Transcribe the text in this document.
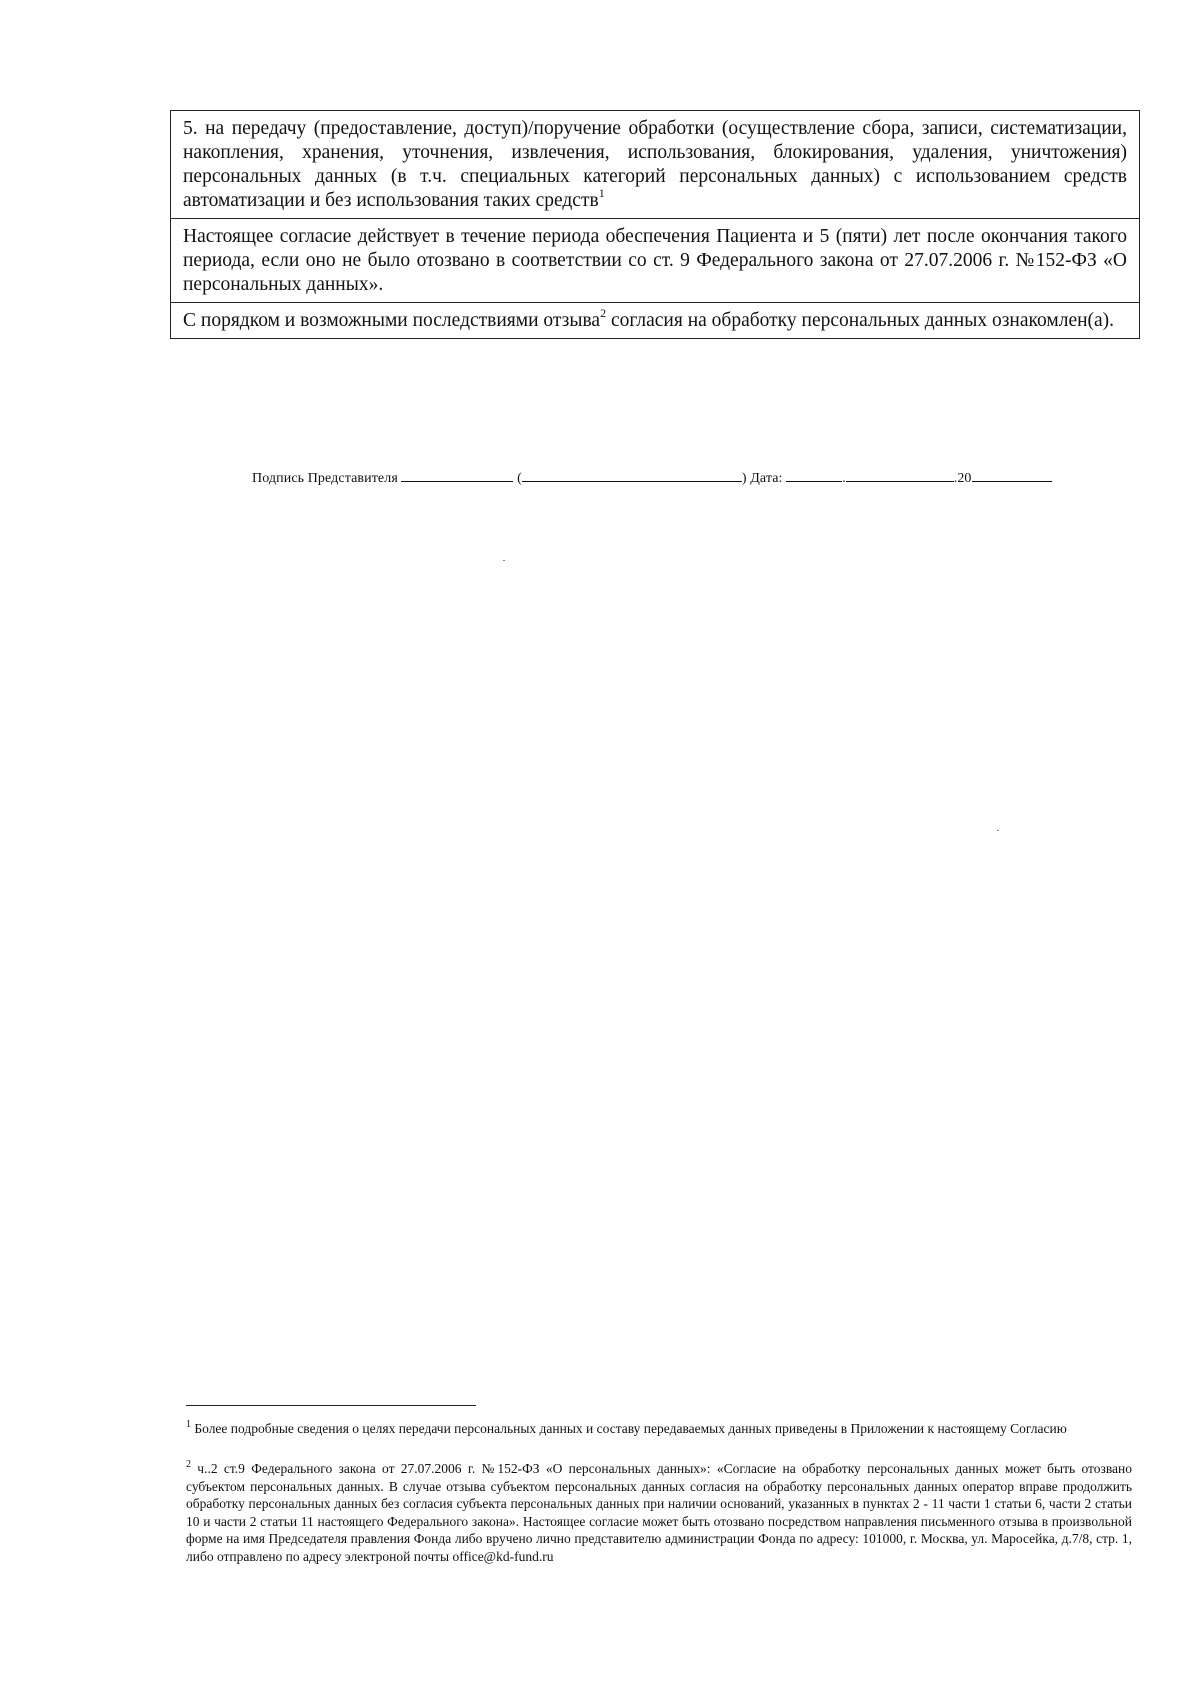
5. на передачу (предоставление, доступ)/поручение обработки (осуществление сбора, записи, систематизации, накопления, хранения, уточнения, извлечения, использования, блокирования, удаления, уничтожения) персональных данных (в т.ч. специальных категорий персональных данных) с использованием средств автоматизации и без использования таких средств$^1$
Настоящее согласие действует в течение периода обеспечения Пациента и 5 (пяти) лет после окончания такого периода, если оно не было отозвано в соответствии со ст. 9 Федерального закона от 27.07.2006 г. №152-ФЗ «О персональных данных».
С порядком и возможными последствиями отзыва$^2$ согласия на обработку персональных данных ознакомлен(а).
Подпись Представителя	(	) Дата:	.	.20
$^1$ Более подробные сведения о целях передачи персональных данных и составу передаваемых данных приведены в Приложении к настоящему Согласию
$^2$ ч..2 ст.9 Федерального закона от 27.07.2006 г. №152-ФЗ «О персональных данных»: «Согласие на обработку персональных данных может быть отозвано субъектом персональных данных. В случае отзыва субъектом персональных данных согласия на обработку персональных данных оператор вправе продолжить обработку персональных данных без согласия субъекта персональных данных при наличии оснований, указанных в пунктах 2 - 11 части 1 статьи 6, части 2 статьи 10 и части 2 статьи 11 настоящего Федерального закона». Настоящее согласие может быть отозвано посредством направления письменного отзыва в произвольной форме на имя Председателя правления Фонда либо вручено лично представителю администрации Фонда по адресу: 101000, г. Москва, ул. Маросейка, д.7/8, стр. 1, либо отправлено по адресу электроной почты office@kd-fund.ru
